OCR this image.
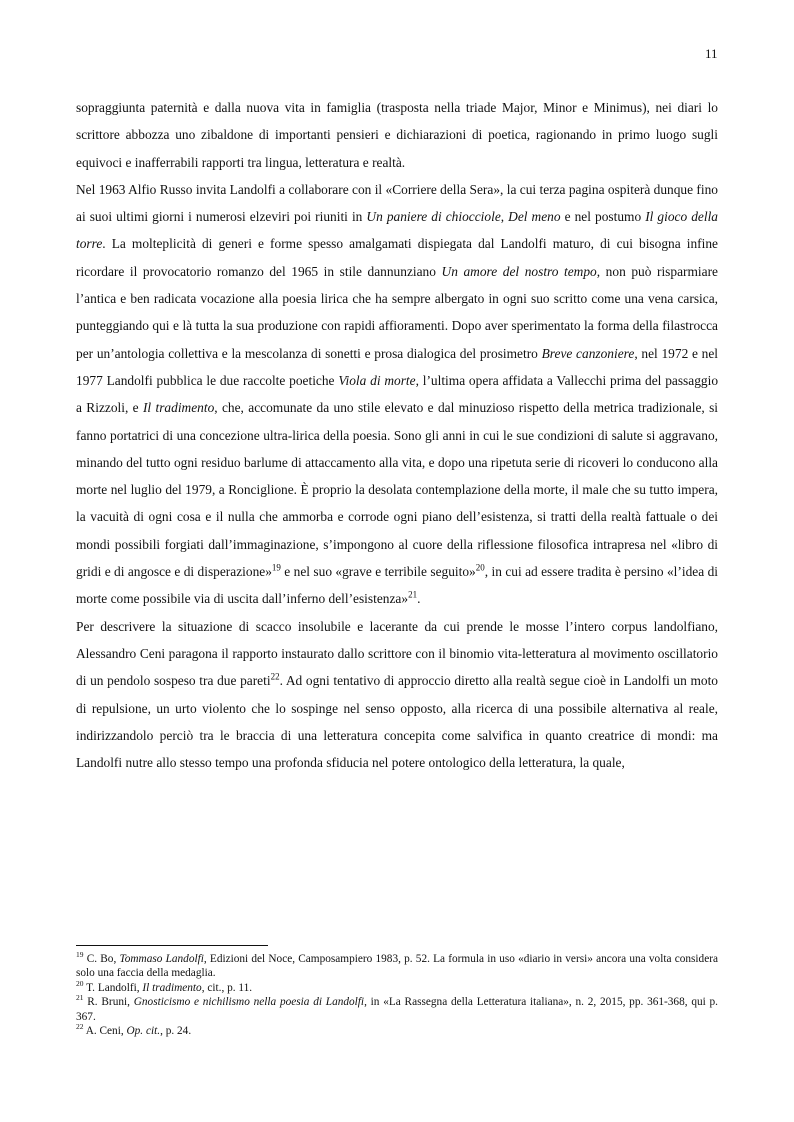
11

sopraggiunta paternità e dalla nuova vita in famiglia (trasposta nella triade Major, Minor e Minimus), nei diari lo scrittore abbozza uno zibaldone di importanti pensieri e dichiarazioni di poetica, ragionando in primo luogo sugli equivoci e inafferrabili rapporti tra lingua, letteratura e realtà.

Nel 1963 Alfio Russo invita Landolfi a collaborare con il «Corriere della Sera», la cui terza pagina ospiterà dunque fino ai suoi ultimi giorni i numerosi elzeviri poi riuniti in Un paniere di chiocciole, Del meno e nel postumo Il gioco della torre. La molteplicità di generi e forme spesso amalgamati dispiegata dal Landolfi maturo, di cui bisogna infine ricordare il provocatorio romanzo del 1965 in stile dannunziano Un amore del nostro tempo, non può risparmiare l’antica e ben radicata vocazione alla poesia lirica che ha sempre albergato in ogni suo scritto come una vena carsica, punteggiando qui e là tutta la sua produzione con rapidi affioramenti. Dopo aver sperimentato la forma della filastrocca per un’antologia collettiva e la mescolanza di sonetti e prosa dialogica del prosimetro Breve canzoniere, nel 1972 e nel 1977 Landolfi pubblica le due raccolte poetiche Viola di morte, l’ultima opera affidata a Vallecchi prima del passaggio a Rizzoli, e Il tradimento, che, accomunate da uno stile elevato e dal minuzioso rispetto della metrica tradizionale, si fanno portatrici di una concezione ultra-lirica della poesia. Sono gli anni in cui le sue condizioni di salute si aggravano, minando del tutto ogni residuo barlume di attaccamento alla vita, e dopo una ripetuta serie di ricoveri lo conducono alla morte nel luglio del 1979, a Ronciglione. È proprio la desolata contemplazione della morte, il male che su tutto impera, la vacuità di ogni cosa e il nulla che ammorba e corrode ogni piano dell’esistenza, si tratti della realtà fattuale o dei mondi possibili forgiati dall’immaginazione, s’impongono al cuore della riflessione filosofica intrapresa nel «libro di gridi e di angosce e di disperazione»$^{19}$ e nel suo «grave e terribile seguito»$^{20}$, in cui ad essere tradita è persino «l’idea di morte come possibile via di uscita dall’inferno dell’esistenza»$^{21}$.

Per descrivere la situazione di scacco insolubile e lacerante da cui prende le mosse l’intero corpus landolfiano, Alessandro Ceni paragona il rapporto instaurato dallo scrittore con il binomio vita-letteratura al movimento oscillatorio di un pendolo sospeso tra due pareti$^{22}$. Ad ogni tentativo di approccio diretto alla realtà segue cioè in Landolfi un moto di repulsione, un urto violento che lo sospinge nel senso opposto, alla ricerca di una possibile alternativa al reale, indirizzandolo perciò tra le braccia di una letteratura concepita come salvifica in quanto creatrice di mondi: ma Landolfi nutre allo stesso tempo una profonda sfiducia nel potere ontologico della letteratura, la quale,

$^{19}$ C. Bo, Tommaso Landolfi, Edizioni del Noce, Camposampiero 1983, p. 52. La formula in uso «diario in versi» ancora una volta considera solo una faccia della medaglia.

$^{20}$ T. Landolfi, Il tradimento, cit., p. 11.

$^{21}$ R. Bruni, Gnosticismo e nichilismo nella poesia di Landolfi, in «La Rassegna della Letteratura italiana», n. 2, 2015, pp. 361-368, qui p. 367.

$^{22}$ A. Ceni, Op. cit., p. 24.
